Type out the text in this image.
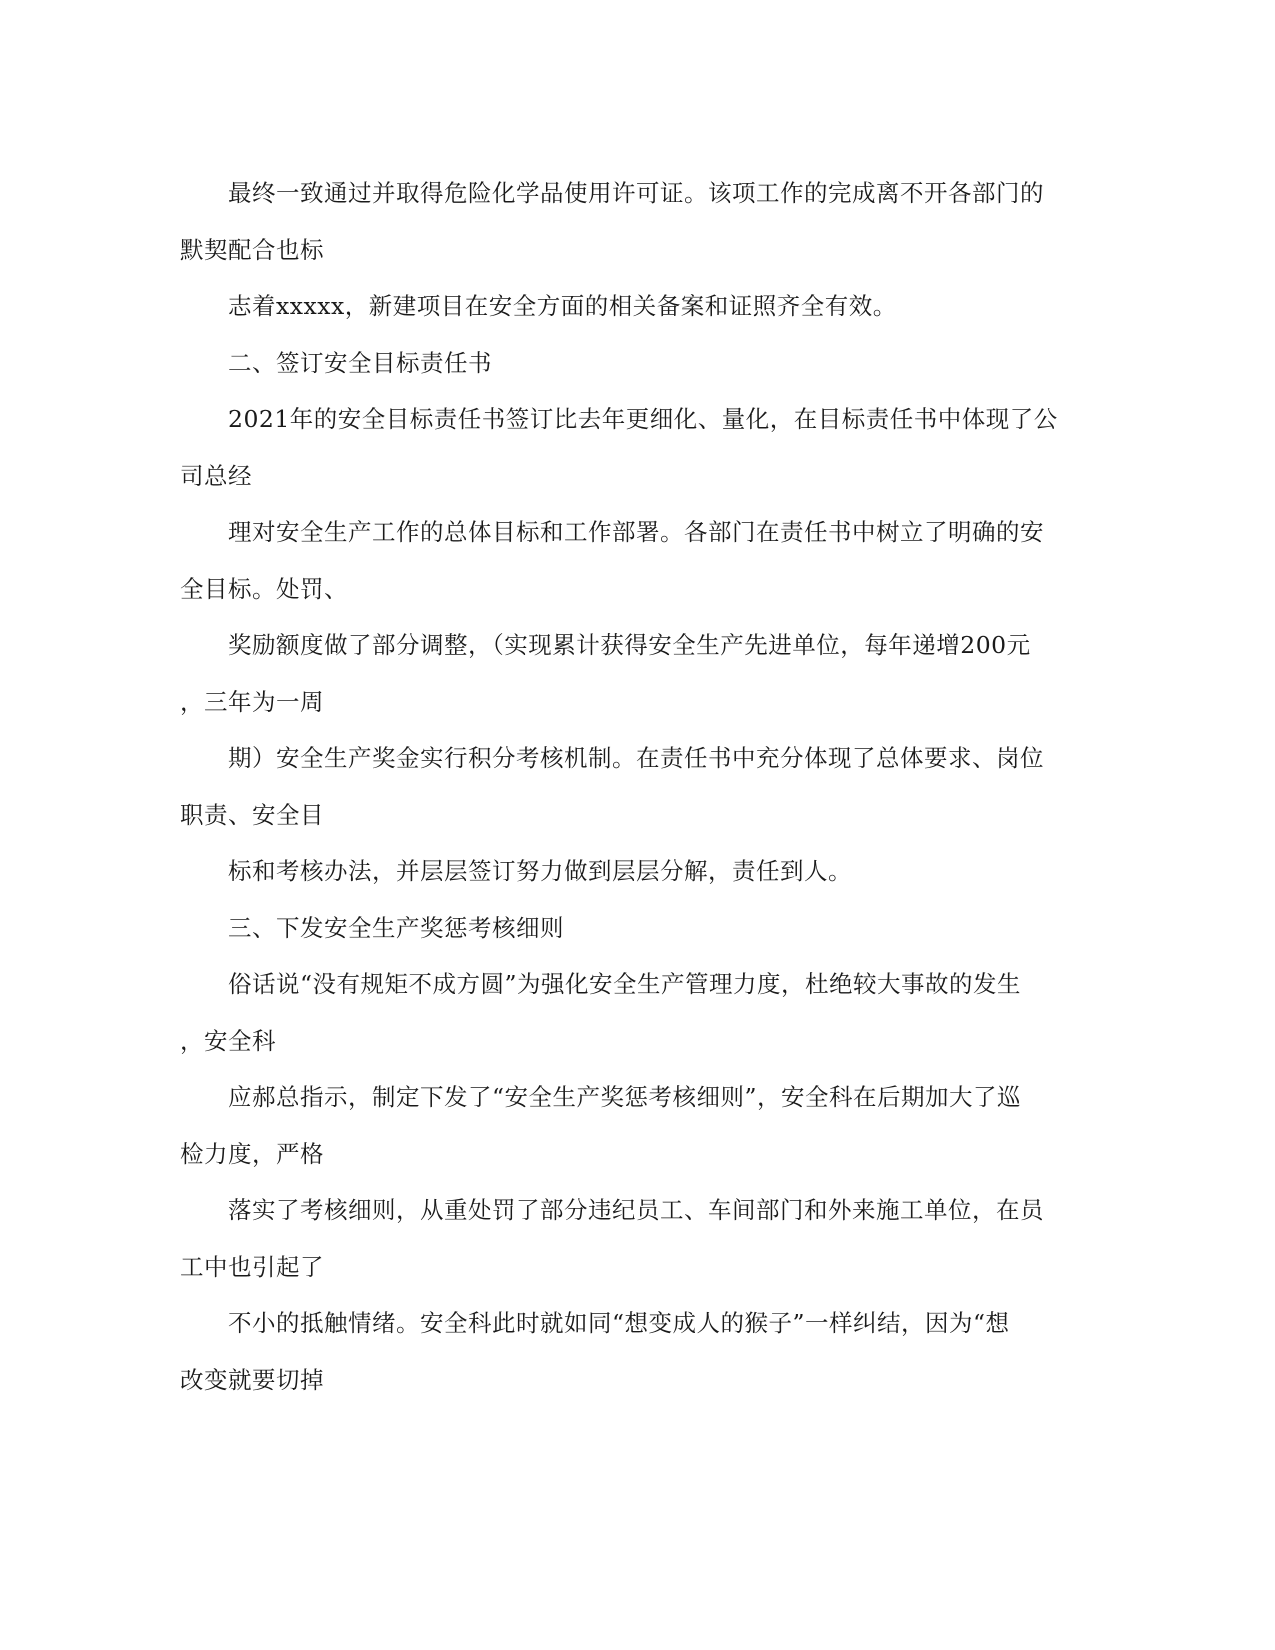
最终一致通过并取得危险化学品使用许可证。该项工作的完成离不开各部门的
默契配合也标

志着xxxxx，新建项目在安全方面的相关备案和证照齐全有效。

二、签订安全目标责任书

2021年的安全目标责任书签订比去年更细化、量化，在目标责任书中体现了公
司总经

理对安全生产工作的总体目标和工作部署。各部门在责任书中树立了明确的安
全目标。处罚、

奖励额度做了部分调整，（实现累计获得安全生产先进单位，每年递增200元
，三年为一周

期）安全生产奖金实行积分考核机制。在责任书中充分体现了总体要求、岗位
职责、安全目

标和考核办法，并层层签订努力做到层层分解，责任到人。

三、下发安全生产奖惩考核细则

俗话说“没有规矩不成方圆”为强化安全生产管理力度，杜绝较大事故的发生
，安全科

应郝总指示，制定下发了“安全生产奖惩考核细则”，安全科在后期加大了巡
检力度，严格

落实了考核细则，从重处罚了部分违纪员工、车间部门和外来施工单位，在员
工中也引起了

不小的抵触情绪。安全科此时就如同“想变成人的猴子”一样纠结，因为“想
改变就要切掉
